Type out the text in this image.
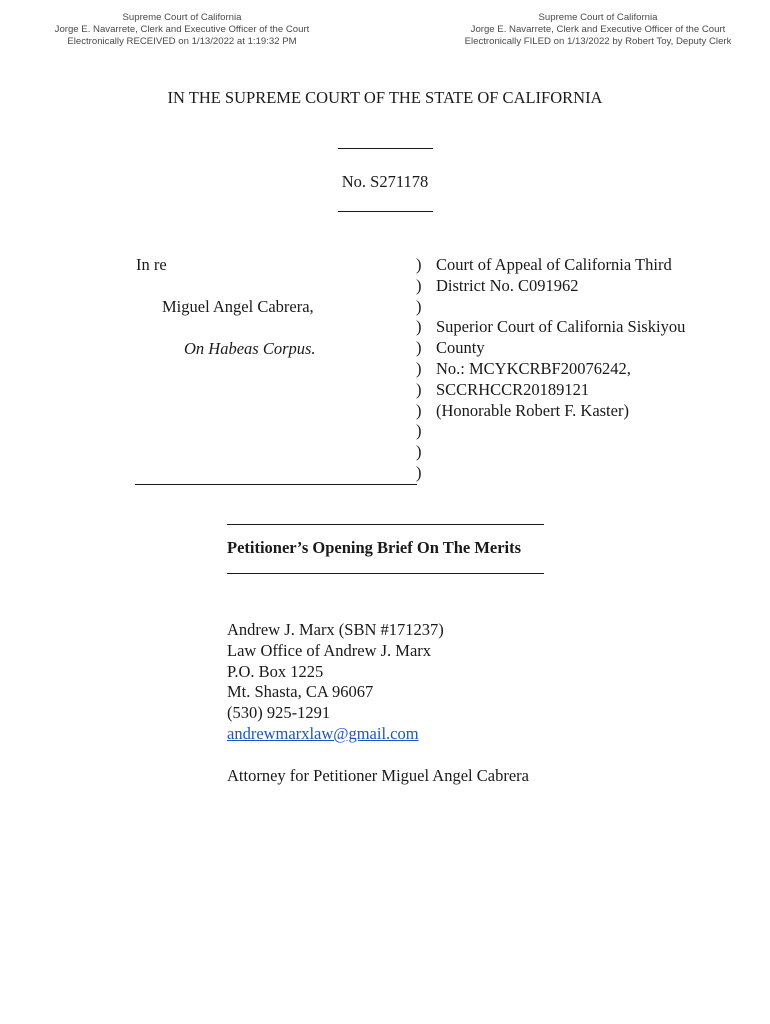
Supreme Court of California
Jorge E. Navarrete, Clerk and Executive Officer of the Court
Electronically RECEIVED on 1/13/2022 at 1:19:32 PM
Supreme Court of California
Jorge E. Navarrete, Clerk and Executive Officer of the Court
Electronically FILED on 1/13/2022 by Robert Toy, Deputy Clerk
IN THE SUPREME COURT OF THE STATE OF CALIFORNIA
No. S271178
In re
Miguel Angel Cabrera,
On Habeas Corpus.
)
)
)
)
)
)
)
)
)
)
)
Court of Appeal of California Third
District No. C091962
Superior Court of California Siskiyou
County
No.: MCYKCRBF20076242,
SCCRHCCR20189121
(Honorable Robert F. Kaster)
Petitioner’s Opening Brief On The Merits
Andrew J. Marx (SBN #171237)
Law Office of Andrew J. Marx
P.O. Box 1225
Mt. Shasta, CA 96067
(530) 925-1291
andrewmarxlaw@gmail.com
Attorney for Petitioner Miguel Angel Cabrera
